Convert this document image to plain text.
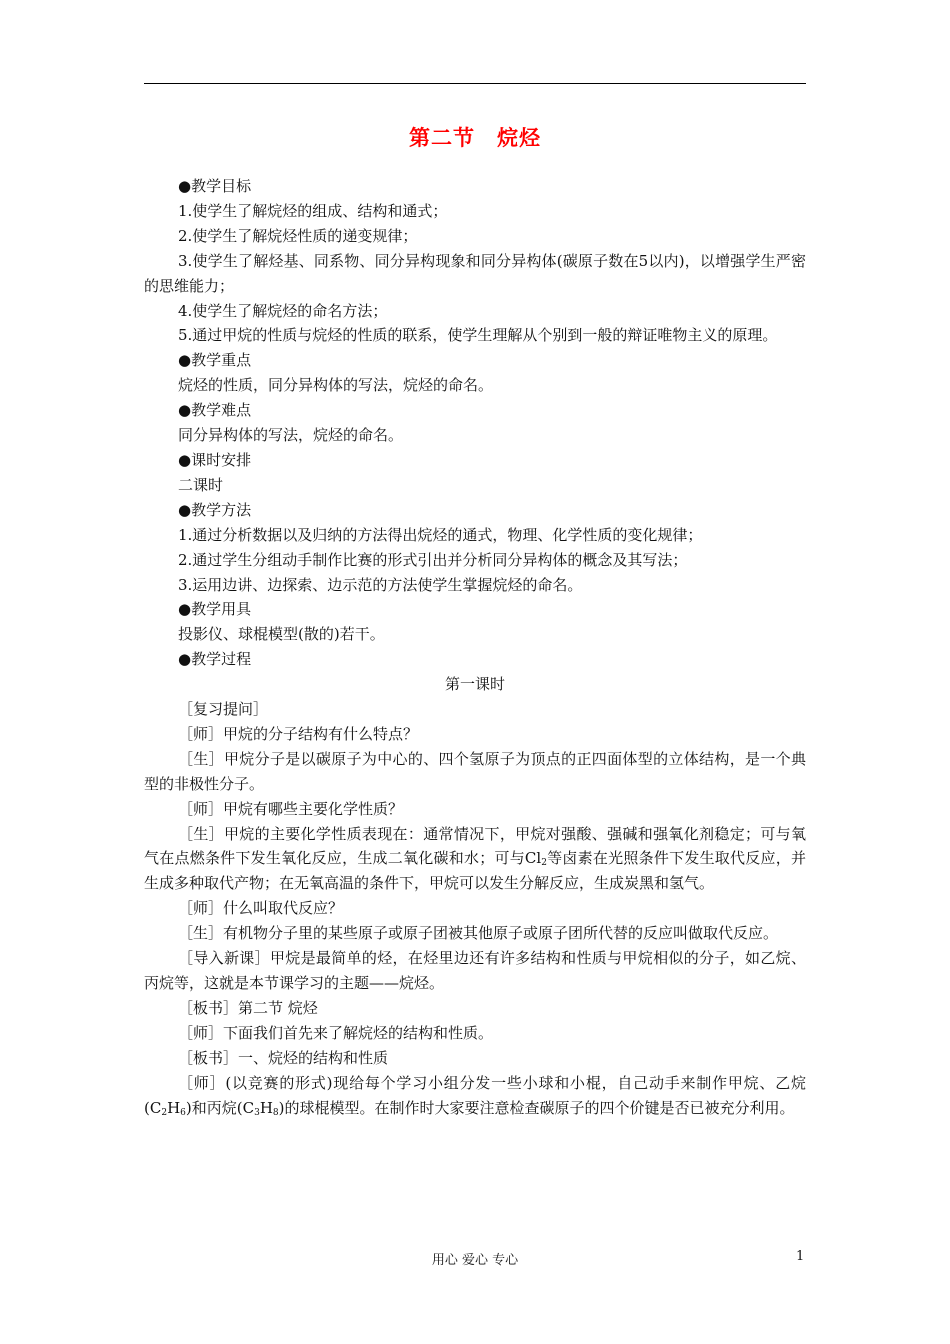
第二节 烷烃

●教学目标

1.使学生了解烷烃的组成、结构和通式；

2.使学生了解烷烃性质的递变规律；

3.使学生了解烃基、同系物、同分异构现象和同分异构体(碳原子数在5以内)，以增强学生严密的思维能力；

4.使学生了解烷烃的命名方法；

5.通过甲烷的性质与烷烃的性质的联系，使学生理解从个别到一般的辩证唯物主义的原理。

●教学重点

烷烃的性质，同分异构体的写法，烷烃的命名。

●教学难点

同分异构体的写法，烷烃的命名。

●课时安排

二课时

●教学方法

1.通过分析数据以及归纳的方法得出烷烃的通式，物理、化学性质的变化规律；

2.通过学生分组动手制作比赛的形式引出并分析同分异构体的概念及其写法；

3.运用边讲、边探索、边示范的方法使学生掌握烷烃的命名。

●教学用具

投影仪、球棍模型(散的)若干。

●教学过程

第一课时

［复习提问］

［师］甲烷的分子结构有什么特点？

［生］甲烷分子是以碳原子为中心的、四个氢原子为顶点的正四面体型的立体结构，是一个典型的非极性分子。

［师］甲烷有哪些主要化学性质？

［生］甲烷的主要化学性质表现在：通常情况下，甲烷对强酸、强碱和强氧化剂稳定；可与氧气在点燃条件下发生氧化反应，生成二氧化碳和水；可与$Cl_2$等卤素在光照条件下发生取代反应，并生成多种取代产物；在无氧高温的条件下，甲烷可以发生分解反应，生成炭黑和氢气。

［师］什么叫取代反应？

［生］有机物分子里的某些原子或原子团被其他原子或原子团所代替的反应叫做取代反应。

［导入新课］甲烷是最简单的烃，在烃里边还有许多结构和性质与甲烷相似的分子，如乙烷、丙烷等，这就是本节课学习的主题——烷烃。

［板书］第二节 烷烃

［师］下面我们首先来了解烷烃的结构和性质。

［板书］一、烷烃的结构和性质

［师］(以竞赛的形式)现给每个学习小组分发一些小球和小棍，自己动手来制作甲烷、乙烷$(C_2H_6)$和丙烷$(C_3H_8)$的球棍模型。在制作时大家要注意检查碳原子的四个价键是否已被充分利用。

用心 爱心 专心	1
